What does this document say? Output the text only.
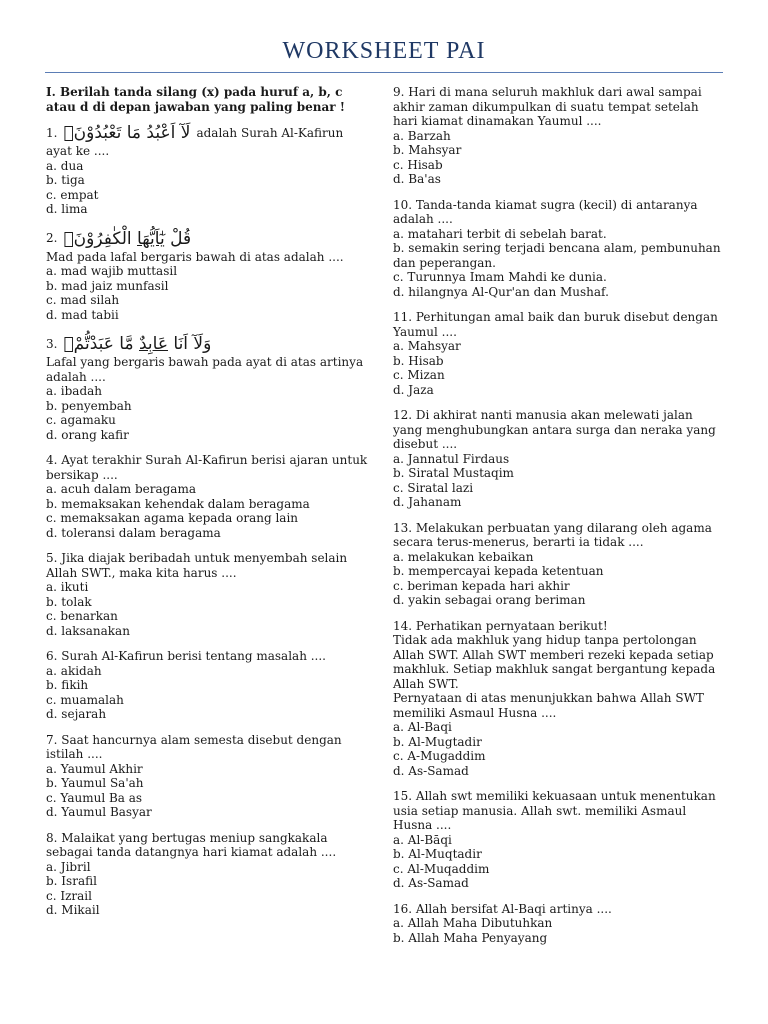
WORKSHEET PAI
I. Berilah tanda silang (x) pada huruf a, b, c atau d di depan jawaban yang paling benar !
1. لَآ اَعْبُدُ مَا تَعْبُدُوْنَۙ adalah Surah Al-Kafirun
ayat ke ....
a. dua
b. tiga
c. empat
d. lima
2.	قُلْ يٰٓاَيُّهَا الْكٰفِرُوْنَۙ
Mad pada lafal bergaris bawah di atas adalah ....
a. mad wajib muttasil
b. mad jaiz munfasil
c. mad silah
d. mad tabii
3.	وَلَآ اَنَا عَابِدٌ مَّا عَبَدْتُّمْۙ
Lafal yang bergaris bawah pada ayat di atas artinya adalah ....
a. ibadah
b. penyembah
c. agamaku
d. orang kafir
4. Ayat terakhir Surah Al-Kafirun berisi ajaran untuk bersikap ....
a. acuh dalam beragama
b. memaksakan kehendak dalam beragama
c. memaksakan agama kepada orang lain
d. toleransi dalam beragama
5. Jika diajak beribadah untuk menyembah selain Allah SWT., maka kita harus ....
a. ikuti
b. tolak
c. benarkan
d. laksanakan
6. Surah Al-Kafirun berisi tentang masalah ....
a. akidah
b. fikih
c. muamalah
d. sejarah
7. Saat hancurnya alam semesta disebut dengan istilah ....
a. Yaumul Akhir
b. Yaumul Sa'ah
c. Yaumul Ba as
d. Yaumul Basyar
8. Malaikat yang bertugas meniup sangkakala sebagai tanda datangnya hari kiamat adalah ....
a. Jibril
b. Israfil
c. Izrail
d. Mikail
9. Hari di mana seluruh makhluk dari awal sampai akhir zaman dikumpulkan di suatu tempat setelah hari kiamat dinamakan Yaumul ....
a. Barzah
b. Mahsyar
c. Hisab
d. Ba'as
10. Tanda-tanda kiamat sugra (kecil) di antaranya adalah ....
a. matahari terbit di sebelah barat.
b. semakin sering terjadi bencana alam, pembunuhan dan peperangan.
c. Turunnya Imam Mahdi ke dunia.
d. hilangnya Al-Qur'an dan Mushaf.
11. Perhitungan amal baik dan buruk disebut dengan Yaumul ....
a. Mahsyar
b. Hisab
c. Mizan
d. Jaza
12. Di akhirat nanti manusia akan melewati jalan yang menghubungkan antara surga dan neraka yang disebut ....
a. Jannatul Firdaus
b. Siratal Mustaqim
c. Siratal lazi
d. Jahanam
13. Melakukan perbuatan yang dilarang oleh agama secara terus-menerus, berarti ia tidak ....
a. melakukan kebaikan
b. mempercayai kepada ketentuan
c. beriman kepada hari akhir
d. yakin sebagai orang beriman
14. Perhatikan pernyataan berikut!
Tidak ada makhluk yang hidup tanpa pertolongan Allah SWT. Allah SWT memberi rezeki kepada setiap makhluk. Setiap makhluk sangat bergantung kepada Allah SWT.
Pernyataan di atas menunjukkan bahwa Allah SWT memiliki Asmaul Husna ....
a. Al-Baqi
b. Al-Mugtadir
c. A-Mugaddim
d. As-Samad
15. Allah swt memiliki kekuasaan untuk menentukan usia setiap manusia. Allah swt. memiliki Asmaul Husna ....
a. Al-Bāqi
b. Al-Muqtadir
c. Al-Muqaddim
d. As-Samad
16. Allah bersifat Al-Baqi artinya ....
a. Allah Maha Dibutuhkan
b. Allah Maha Penyayang
